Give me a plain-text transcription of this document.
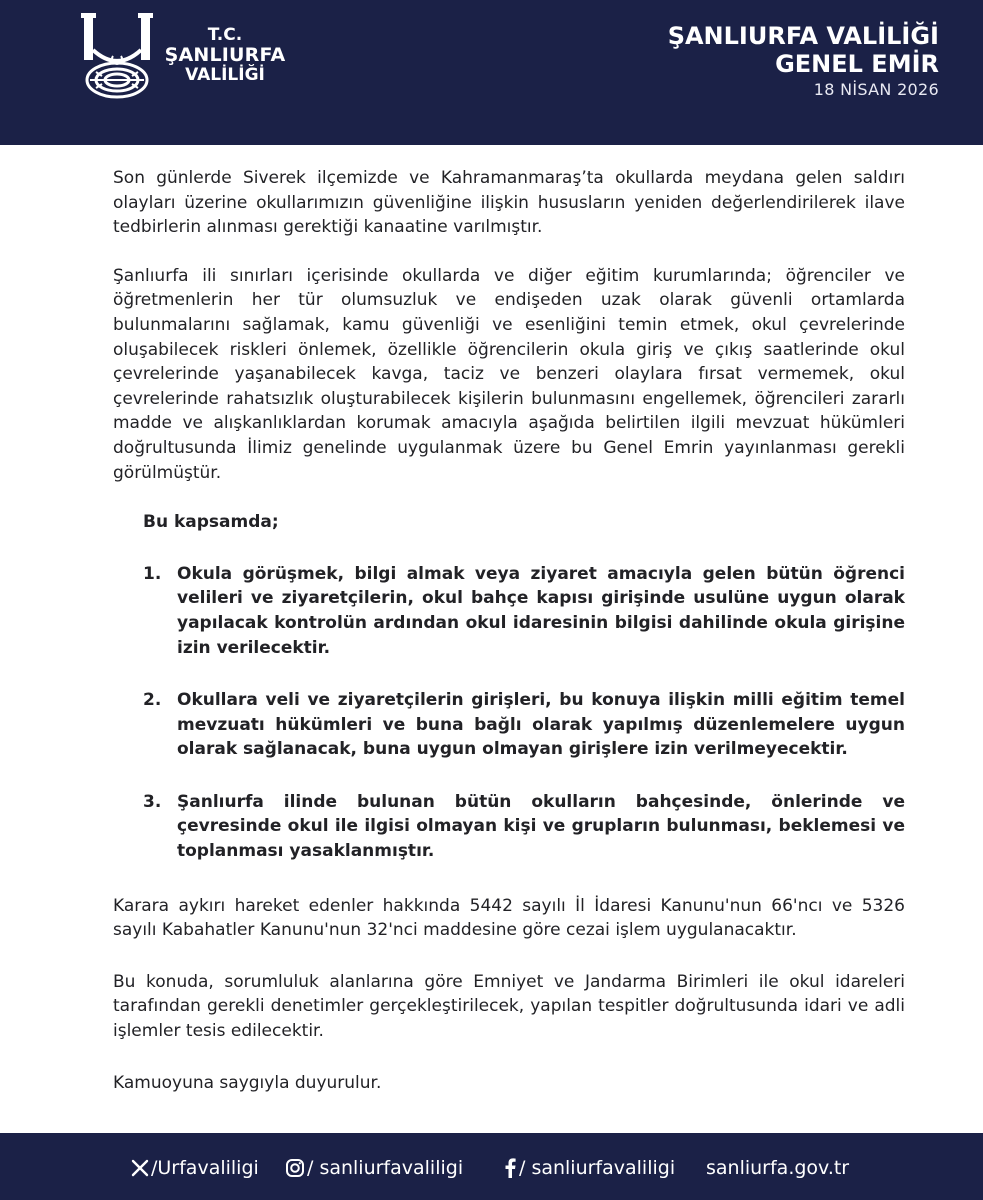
T.C.
ŞANLIURFA
VALİLİĞİ
ŞANLIURFA VALİLİĞİ
GENEL EMİR
18 NİSAN 2026

Son günlerde Siverek ilçemizde ve Kahramanmaraş’ta okullarda meydana gelen saldırı olayları üzerine okullarımızın güvenliğine ilişkin hususların yeniden değerlendirilerek ilave tedbirlerin alınması gerektiği kanaatine varılmıştır.

Şanlıurfa ili sınırları içerisinde okullarda ve diğer eğitim kurumlarında; öğrenciler ve öğretmenlerin her tür olumsuzluk ve endişeden uzak olarak güvenli ortamlarda bulunmalarını sağlamak, kamu güvenliği ve esenliğini temin etmek, okul çevrelerinde oluşabilecek riskleri önlemek, özellikle öğrencilerin okula giriş ve çıkış saatlerinde okul çevrelerinde yaşanabilecek kavga, taciz ve benzeri olaylara fırsat vermemek, okul çevrelerinde rahatsızlık oluşturabilecek kişilerin bulunmasını engellemek, öğrencileri zararlı madde ve alışkanlıklardan korumak amacıyla aşağıda belirtilen ilgili mevzuat hükümleri doğrultusunda İlimiz genelinde uygulanmak üzere bu Genel Emrin yayınlanması gerekli görülmüştür.

Bu kapsamda;

1. Okula görüşmek, bilgi almak veya ziyaret amacıyla gelen bütün öğrenci velileri ve ziyaretçilerin, okul bahçe kapısı girişinde usulüne uygun olarak yapılacak kontrolün ardından okul idaresinin bilgisi dahilinde okula girişine izin verilecektir.
2. Okullara veli ve ziyaretçilerin girişleri, bu konuya ilişkin milli eğitim temel mevzuatı hükümleri ve buna bağlı olarak yapılmış düzenlemelere uygun olarak sağlanacak, buna uygun olmayan girişlere izin verilmeyecektir.
3. Şanlıurfa ilinde bulunan bütün okulların bahçesinde, önlerinde ve çevresinde okul ile ilgisi olmayan kişi ve grupların bulunması, beklemesi ve toplanması yasaklanmıştır.

Karara aykırı hareket edenler hakkında 5442 sayılı İl İdaresi Kanunu'nun 66'ncı ve 5326 sayılı Kabahatler Kanunu'nun 32'nci maddesine göre cezai işlem uygulanacaktır.

Bu konuda, sorumluluk alanlarına göre Emniyet ve Jandarma Birimleri ile okul idareleri tarafından gerekli denetimler gerçekleştirilecek, yapılan tespitler doğrultusunda idari ve adli işlemler tesis edilecektir.

Kamuoyuna saygıyla duyurulur.

/Urfavaliligi	/ sanliurfavaliligi	/ sanliurfavaliligi sanliurfa.gov.tr
